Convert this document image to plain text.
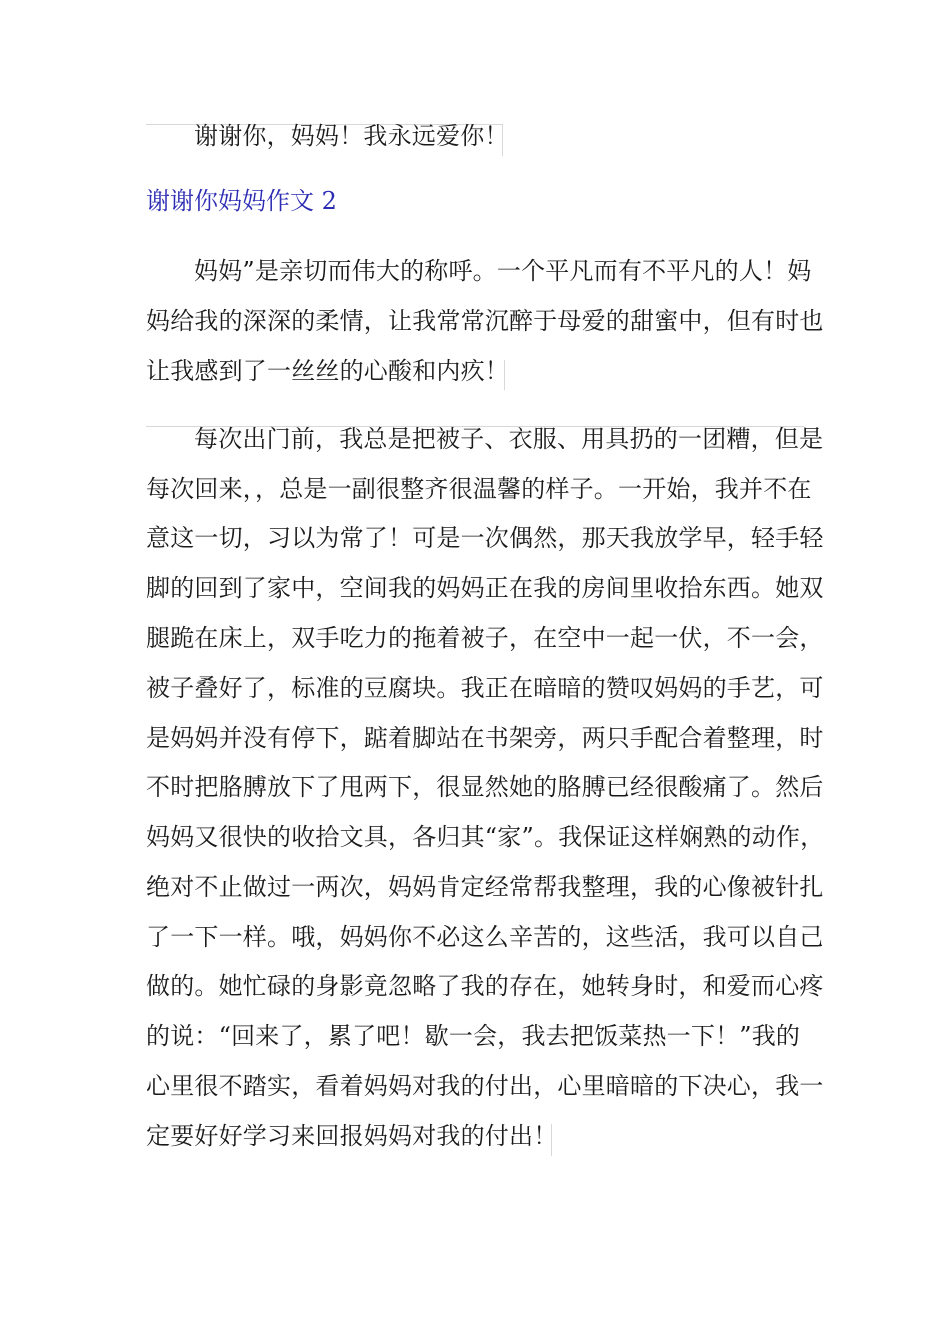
谢谢你，妈妈！我永远爱你！
谢谢你妈妈作文 2
妈妈”是亲切而伟大的称呼。一个平凡而有不平凡的人！妈
妈给我的深深的柔情，让我常常沉醉于母爱的甜蜜中，但有时也
让我感到了一丝丝的心酸和内疚！
每次出门前，我总是把被子、衣服、用具扔的一团糟，但是
每次回来，，总是一副很整齐很温馨的样子。一开始，我并不在
意这一切，习以为常了！可是一次偶然，那天我放学早，轻手轻
脚的回到了家中，空间我的妈妈正在我的房间里收拾东西。她双
腿跪在床上，双手吃力的拖着被子，在空中一起一伏，不一会，
被子叠好了，标准的豆腐块。我正在暗暗的赞叹妈妈的手艺，可
是妈妈并没有停下，踮着脚站在书架旁，两只手配合着整理，时
不时把胳膊放下了甩两下，很显然她的胳膊已经很酸痛了。然后
妈妈又很快的收拾文具，各归其“家”。我保证这样娴熟的动作，
绝对不止做过一两次，妈妈肯定经常帮我整理，我的心像被针扎
了一下一样。哦，妈妈你不必这么辛苦的，这些活，我可以自己
做的。她忙碌的身影竟忽略了我的存在，她转身时，和爱而心疼
的说：“回来了，累了吧！歇一会，我去把饭菜热一下！”我的
心里很不踏实，看着妈妈对我的付出，心里暗暗的下决心，我一
定要好好学习来回报妈妈对我的付出！
